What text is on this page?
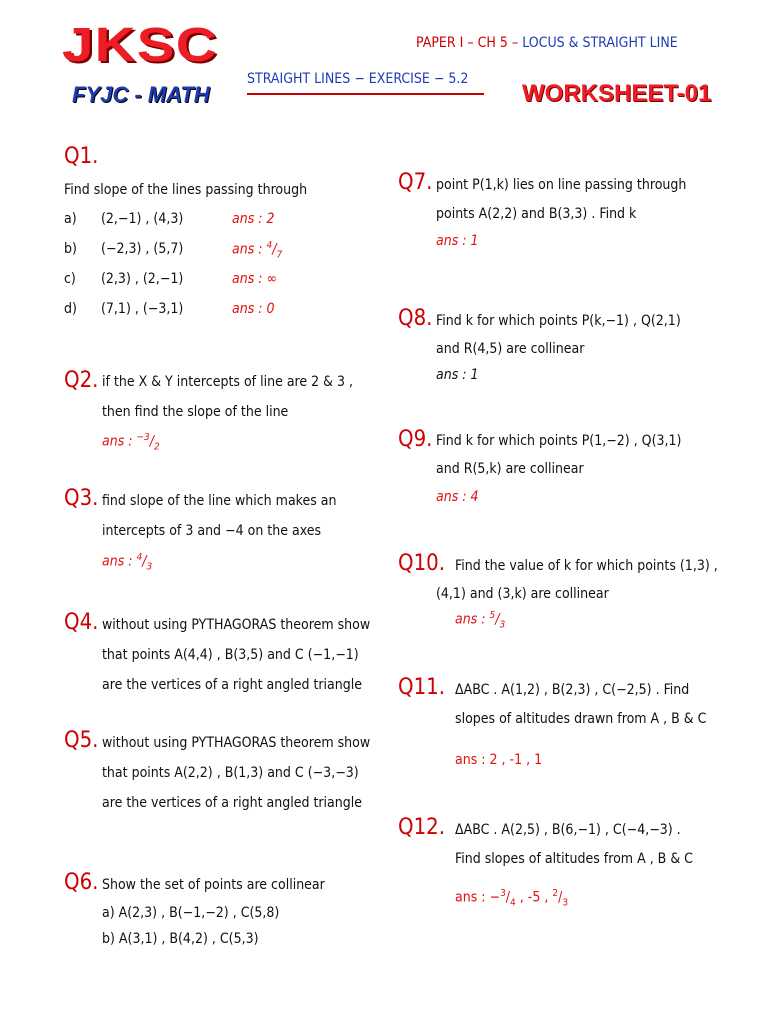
JKSC
FYJC - MATH
PAPER I – CH 5 – LOCUS & STRAIGHT LINE
STRAIGHT LINES − EXERCISE − 5.2
WORKSHEET-01
Q1.
Find slope of the lines passing through
a) (2,−1) , (4,3)	ans : 2
b) (−2,3) , (5,7)	ans : $^4/_7$
c) (2,3) , (2,−1)	ans : ∞
d) (7,1) , (−3,1)	ans : 0
Q2. if the X & Y intercepts of line are 2 & 3 ,
then find the slope of the line
ans : $^{-3}/_2$
Q3. find slope of the line which makes an
intercepts of 3 and −4 on the axes
ans : $^4/_3$
Q4. without using PYTHAGORAS theorem show
that points A(4,4) , B(3,5) and C (−1,−1)
are the vertices of a right angled triangle
Q5. without using PYTHAGORAS theorem show
that points A(2,2) , B(1,3) and C (−3,−3)
are the vertices of a right angled triangle
Q6. Show the set of points are collinear
a) A(2,3) , B(−1,−2) , C(5,8)
b) A(3,1) , B(4,2) , C(5,3)
Q7. point P(1,k) lies on line passing through
points A(2,2) and B(3,3) . Find k
ans : 1
Q8. Find k for which points P(k,−1) , Q(2,1)
and R(4,5) are collinear
ans : 1
Q9. Find k for which points P(1,−2) , Q(3,1)
and R(5,k) are collinear
ans : 4
Q10. Find the value of k for which points (1,3) ,
(4,1) and (3,k) are collinear
ans : $^5/_3$
Q11. ΔABC . A(1,2) , B(2,3) , C(−2,5) . Find
slopes of altitudes drawn from A , B & C
ans : 2 , -1 , 1
Q12. ΔABC . A(2,5) , B(6,−1) , C(−4,−3) .
Find slopes of altitudes from A , B & C
ans : $-^3/_4$ , -5 , $^2/_3$
